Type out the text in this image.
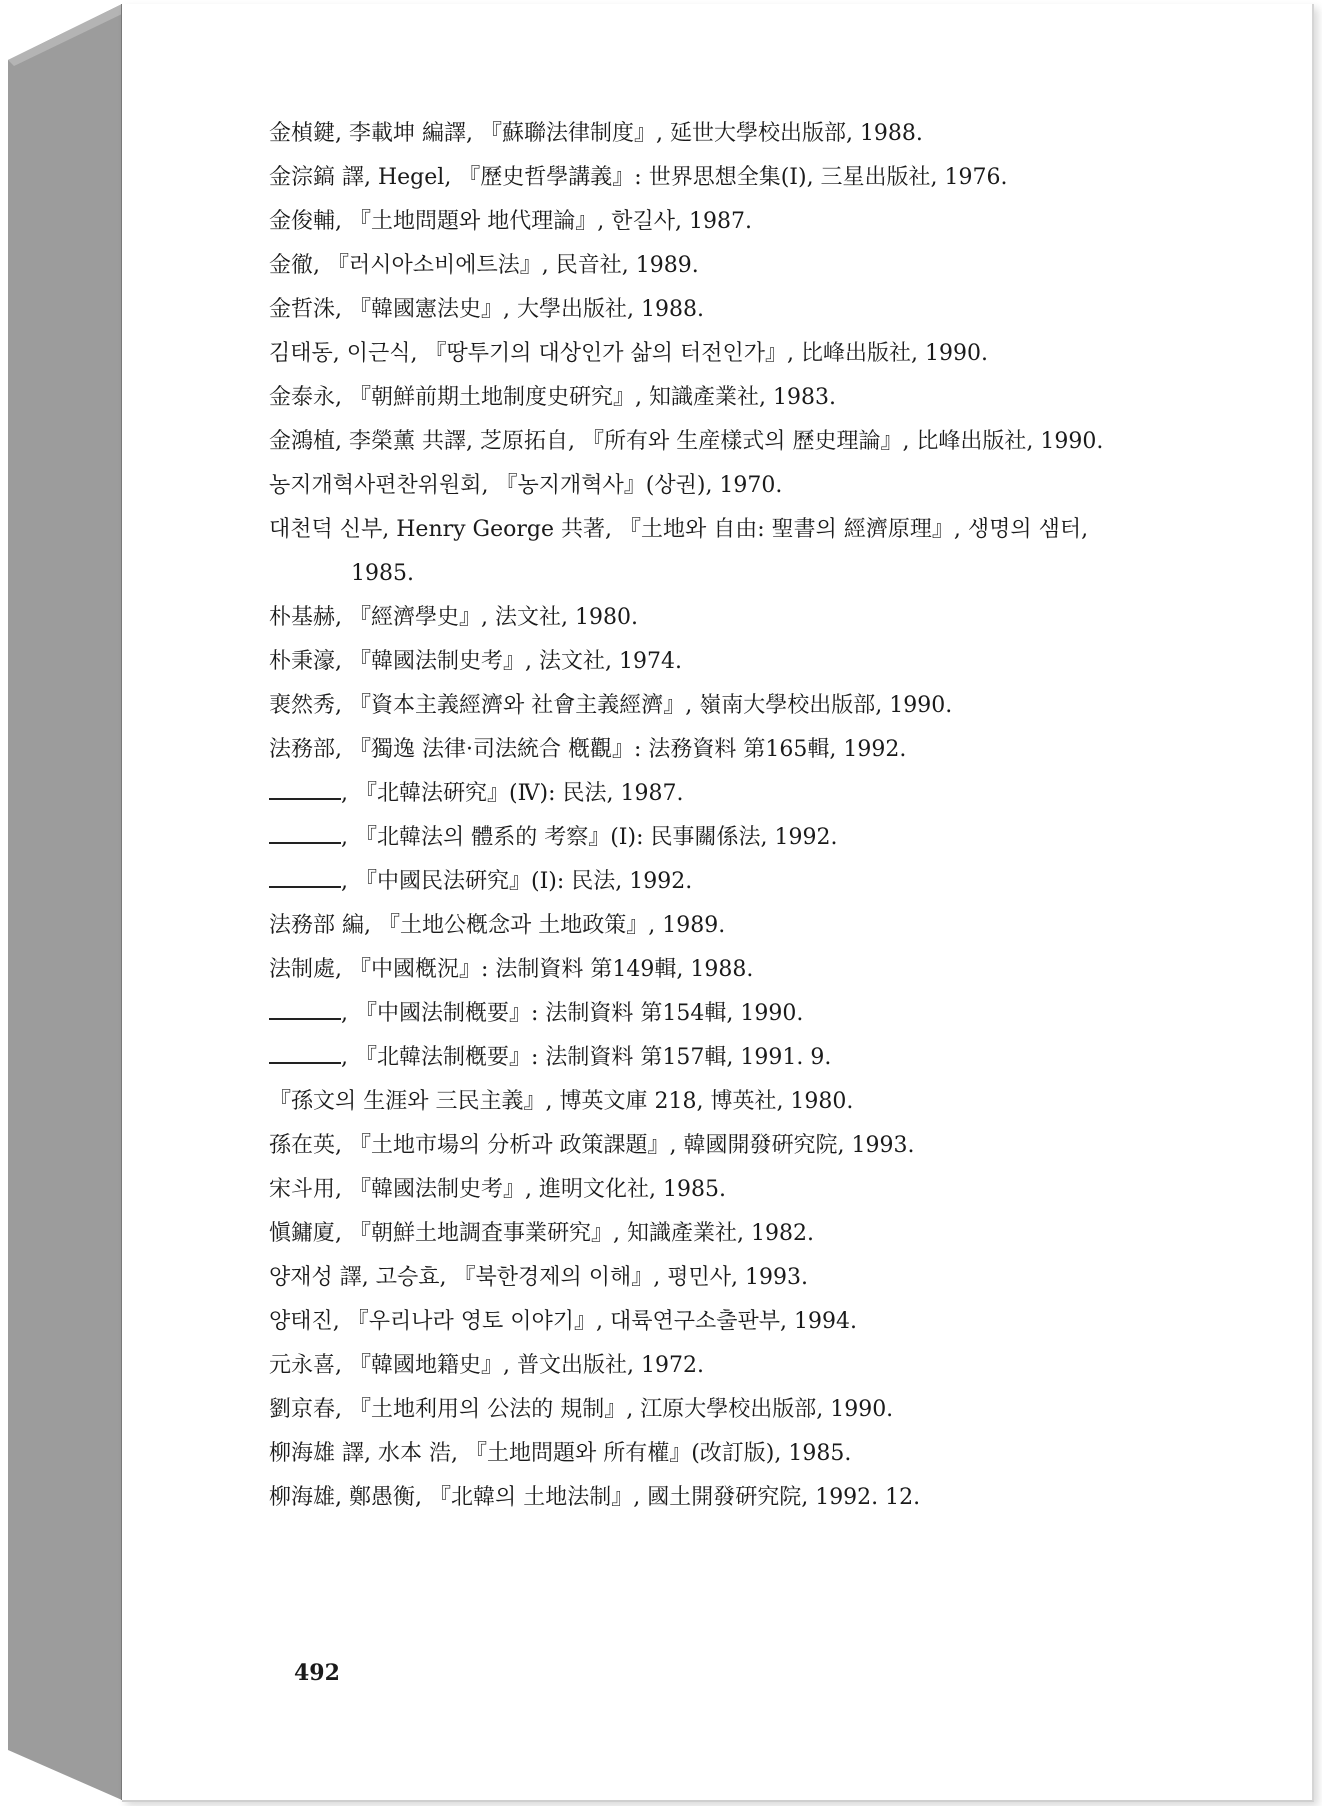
金楨鍵, 李載坤 編譯, 『蘇聯法律制度』, 延世大學校出版部, 1988.
金淙鎬 譯, Hegel, 『歷史哲學講義』: 世界思想全集(Ⅰ), 三星出版社, 1976.
金俊輔, 『土地問題와 地代理論』, 한길사, 1987.
金徹, 『러시아소비에트法』, 民音社, 1989.
金哲洙, 『韓國憲法史』, 大學出版社, 1988.
김태동, 이근식, 『땅투기의 대상인가 삶의 터전인가』, 比峰出版社, 1990.
金泰永, 『朝鮮前期土地制度史硏究』, 知識產業社, 1983.
金鴻植, 李榮薰 共譯, 芝原拓自, 『所有와 生産樣式의 歷史理論』, 比峰出版社, 1990.
농지개혁사편찬위원회, 『농지개혁사』(상권), 1970.
대천덕 신부, Henry George 共著, 『土地와 自由: 聖書의 經濟原理』, 생명의 샘터, 1985.
朴基赫, 『經濟學史』, 法文社, 1980.
朴秉濠, 『韓國法制史考』, 法文社, 1974.
裵然秀, 『資本主義經濟와 社會主義經濟』, 嶺南大學校出版部, 1990.
法務部, 『獨逸 法律·司法統合 槪觀』: 法務資料 第165輯, 1992.
, 『北韓法硏究』(Ⅳ): 民法, 1987.
, 『北韓法의 體系的 考察』(Ⅰ): 民事關係法, 1992.
, 『中國民法硏究』(Ⅰ): 民法, 1992.
法務部 編, 『土地公槪念과 土地政策』, 1989.
法制處, 『中國槪況』: 法制資料 第149輯, 1988.
, 『中國法制槪要』: 法制資料 第154輯, 1990.
, 『北韓法制槪要』: 法制資料 第157輯, 1991. 9.
『孫文의 生涯와 三民主義』, 博英文庫 218, 博英社, 1980.
孫在英, 『土地市場의 分析과 政策課題』, 韓國開發硏究院, 1993.
宋斗用, 『韓國法制史考』, 進明文化社, 1985.
愼鏞廈, 『朝鮮土地調査事業硏究』, 知識產業社, 1982.
양재성 譯, 고승효, 『북한경제의 이해』, 평민사, 1993.
양태진, 『우리나라 영토 이야기』, 대륙연구소출판부, 1994.
元永喜, 『韓國地籍史』, 普文出版社, 1972.
劉京春, 『土地利用의 公法的 規制』, 江原大學校出版部, 1990.
柳海雄 譯, 水本 浩, 『土地問題와 所有權』(改訂版), 1985.
柳海雄, 鄭愚衡, 『北韓의 土地法制』, 國土開發硏究院, 1992. 12.
492
